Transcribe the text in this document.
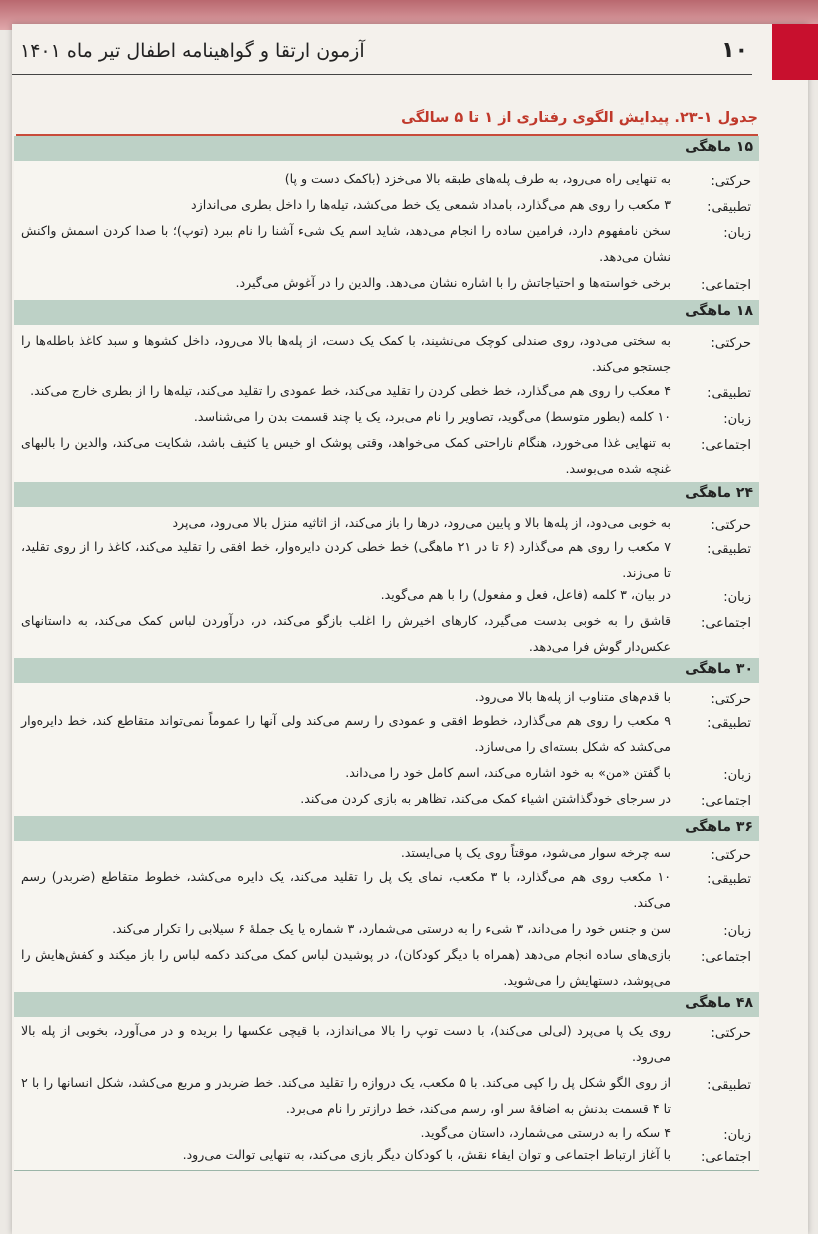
۱۰
آزمون ارتقا و گواهینامه اطفال تیر ماه ۱۴۰۱
جدول ۱-۲۳. پیدایش الگوی رفتاری از ۱ تا ۵ سالگی
۱۵ ماهگی
حرکتی:
به تنهایی راه می‌رود، به طرف پله‌های طبقه بالا می‌خزد (باکمک دست و پا)
تطبیقی:
۳ مکعب را روی هم می‌گذارد، بامداد شمعی یک خط می‌کشد، تیله‌ها را داخل بطری می‌اندازد
زبان:
سخن نامفهوم دارد، فرامین ساده را انجام می‌دهد، شاید اسم یک شیء آشنا را نام ببرد (توپ)؛ با صدا کردن اسمش واکنش نشان می‌دهد.
اجتماعی:
برخی خواسته‌ها و احتیاجاتش را با اشاره نشان می‌دهد. والدین را در آغوش می‌گیرد.
۱۸ ماهگی
حرکتی:
به سختی می‌دود، روی صندلی کوچک می‌نشیند، با کمک یک دست، از پله‌ها بالا می‌رود، داخل کشوها و سبد کاغذ باطله‌ها را جستجو می‌کند.
تطبیقی:
۴ معکب را روی هم می‌گذارد، خط خطی کردن را تقلید می‌کند، خط عمودی را تقلید می‌کند، تیله‌ها را از بطری خارج می‌کند.
زبان:
۱۰ کلمه (بطور متوسط) می‌گوید، تصاویر را نام می‌برد، یک یا چند قسمت بدن را می‌شناسد.
اجتماعی:
به تنهایی غذا می‌خورد، هنگام ناراحتی کمک می‌خواهد، وقتی پوشک او خیس یا کثیف باشد، شکایت می‌کند، والدین را بالبهای غنچه شده می‌بوسد.
۲۴ ماهگی
حرکتی:
به خوبی می‌دود، از پله‌ها بالا و پایین می‌رود، درها را باز می‌کند، از اثاثیه منزل بالا می‌رود، می‌پرد
تطبیقی:
۷ مکعب را روی هم می‌گذارد (۶ تا در ۲۱ ماهگی) خط خطی کردن دایره‌وار، خط افقی را تقلید می‌کند، کاغذ را از روی تقلید، تا می‌زند.
زبان:
در بیان، ۳ کلمه (فاعل، فعل و مفعول) را با هم می‌گوید.
اجتماعی:
قاشق را به خوبی بدست می‌گیرد، کارهای اخیرش را اغلب بازگو می‌کند، در، درآوردن لباس کمک می‌کند، به داستانهای عکس‌دار گوش فرا می‌دهد.
۳۰ ماهگی
حرکتی:
با قدم‌های متناوب از پله‌ها بالا می‌رود.
تطبیقی:
۹ مکعب را روی هم می‌گذارد، خطوط افقی و عمودی را رسم می‌کند ولی آنها را عموماً نمی‌تواند متقاطع کند، خط دایره‌وار می‌کشد که شکل بسته‌ای را می‌سازد.
زبان:
با گفتن «من» به خود اشاره می‌کند، اسم کامل خود را می‌داند.
اجتماعی:
در سرجای خودگذاشتن اشیاء کمک می‌کند، تظاهر به بازی کردن می‌کند.
۳۶ ماهگی
حرکتی:
سه چرخه سوار می‌شود، موقتاً روی یک پا می‌ایستد.
تطبیقی:
۱۰ مکعب روی هم می‌گذارد، با ۳ مکعب، نمای یک پل را تقلید می‌کند، یک دایره می‌کشد، خطوط متقاطع (ضربدر) رسم می‌کند.
زبان:
سن و جنس خود را می‌داند، ۳ شیء را به درستی می‌شمارد، ۳ شماره یا یک جملهٔ ۶ سیلابی را تکرار می‌کند.
اجتماعی:
بازی‌های ساده انجام می‌دهد (همراه با دیگر کودکان)، در پوشیدن لباس کمک می‌کند دکمه لباس را باز میکند و کفش‌هایش را می‌پوشد، دستهایش را می‌شوید.
۴۸ ماهگی
حرکتی:
روی یک پا می‌پرد (لی‌لی می‌کند)، با دست توپ را بالا می‌اندازد، با قیچی عکسها را بریده و در می‌آورد، بخوبی از پله بالا می‌رود.
تطبیقی:
از روی الگو شکل پل را کپی می‌کند. با ۵ مکعب، یک دروازه را تقلید می‌کند. خط ضربدر و مربع می‌کشد، شکل انسانها را با ۲ تا ۴ قسمت بدنش به اضافهٔ سر او، رسم می‌کند، خط درازتر را نام می‌برد.
زبان:
۴ سکه را به درستی می‌شمارد، داستان می‌گوید.
اجتماعی:
با آغاز ارتباط اجتماعی و توان ایفاء نقش، با کودکان دیگر بازی می‌کند، به تنهایی توالت می‌رود.
